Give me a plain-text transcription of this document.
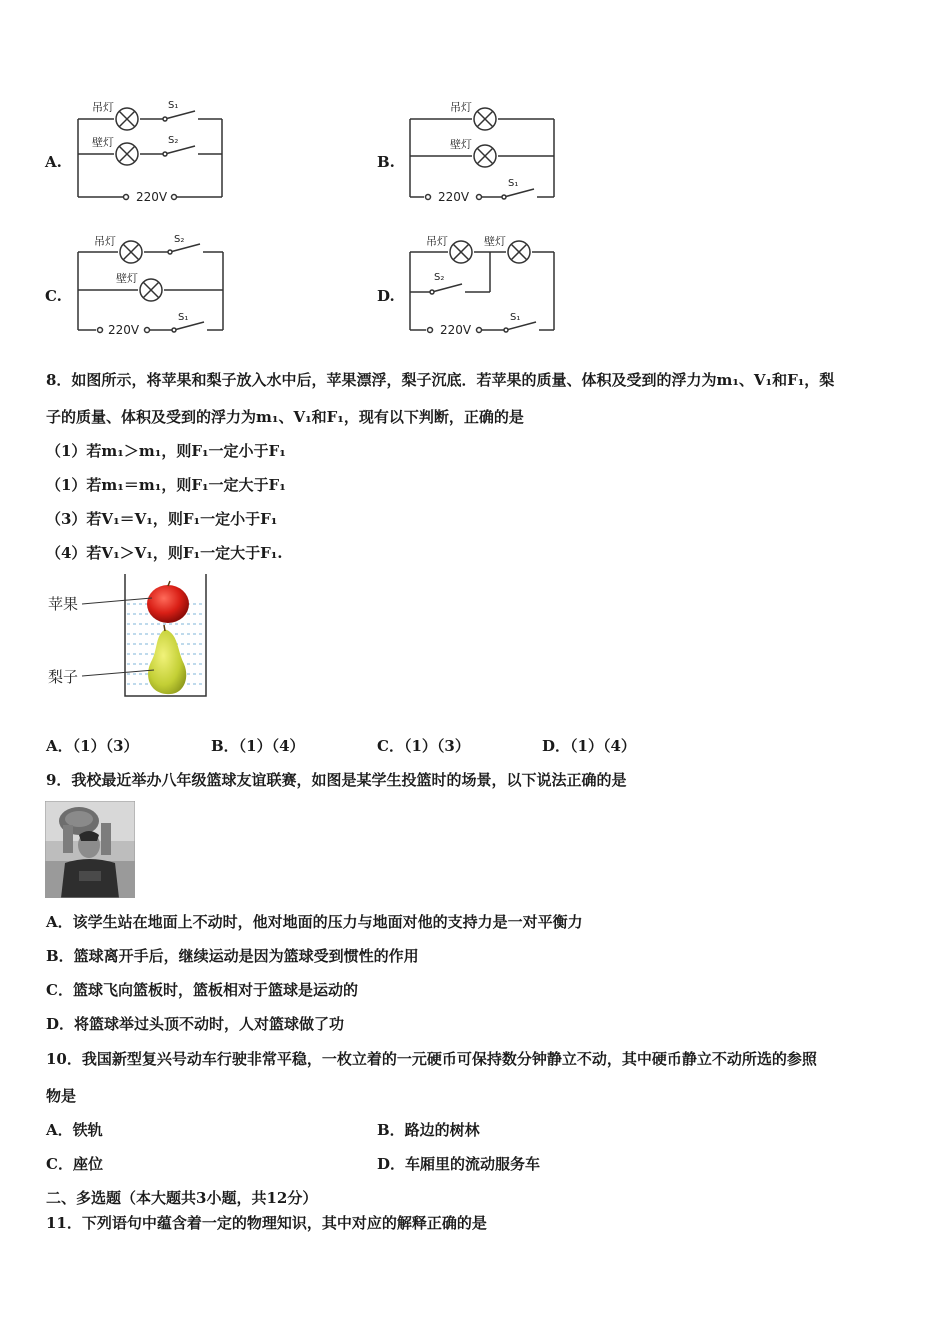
A.
吊灯
壁灯
S₁
S₂
220V
B.
吊灯
壁灯
S₁
220V
C.
吊灯
壁灯
S₂
S₁
220V
D.
吊灯	壁灯
S₂
S₁
220V
8．如图所示，将苹果和梨子放入水中后，苹果漂浮，梨子沉底．若苹果的质量、体积及受到的浮力为m₁、V₁和F₁，梨
子的质量、体积及受到的浮力为m₁、V₁和F₁，现有以下判断，正确的是
（1）若m₁＞m₁，则F₁一定小于F₁
（1）若m₁＝m₁，则F₁一定大于F₁
（3）若V₁＝V₁，则F₁一定小于F₁
（4）若V₁＞V₁，则F₁一定大于F₁.
苹果
梨子
A．（1）（3）	B．（1）（4）	C．（1）（3）	D．（1）（4）
9．我校最近举办八年级篮球友谊联赛，如图是某学生投篮时的场景，以下说法正确的是
A．该学生站在地面上不动时，他对地面的压力与地面对他的支持力是一对平衡力
B．篮球离开手后，继续运动是因为篮球受到惯性的作用
C．篮球飞向篮板时，篮板相对于篮球是运动的
D．将篮球举过头顶不动时，人对篮球做了功
10．我国新型复兴号动车行驶非常平稳，一枚立着的一元硬币可保持数分钟静立不动，其中硬币静立不动所选的参照
物是
A．铁轨	B．路边的树林
C．座位	D．车厢里的流动服务车
二、多选题（本大题共3小题，共12分）
11．下列语句中蕴含着一定的物理知识，其中对应的解释正确的是
